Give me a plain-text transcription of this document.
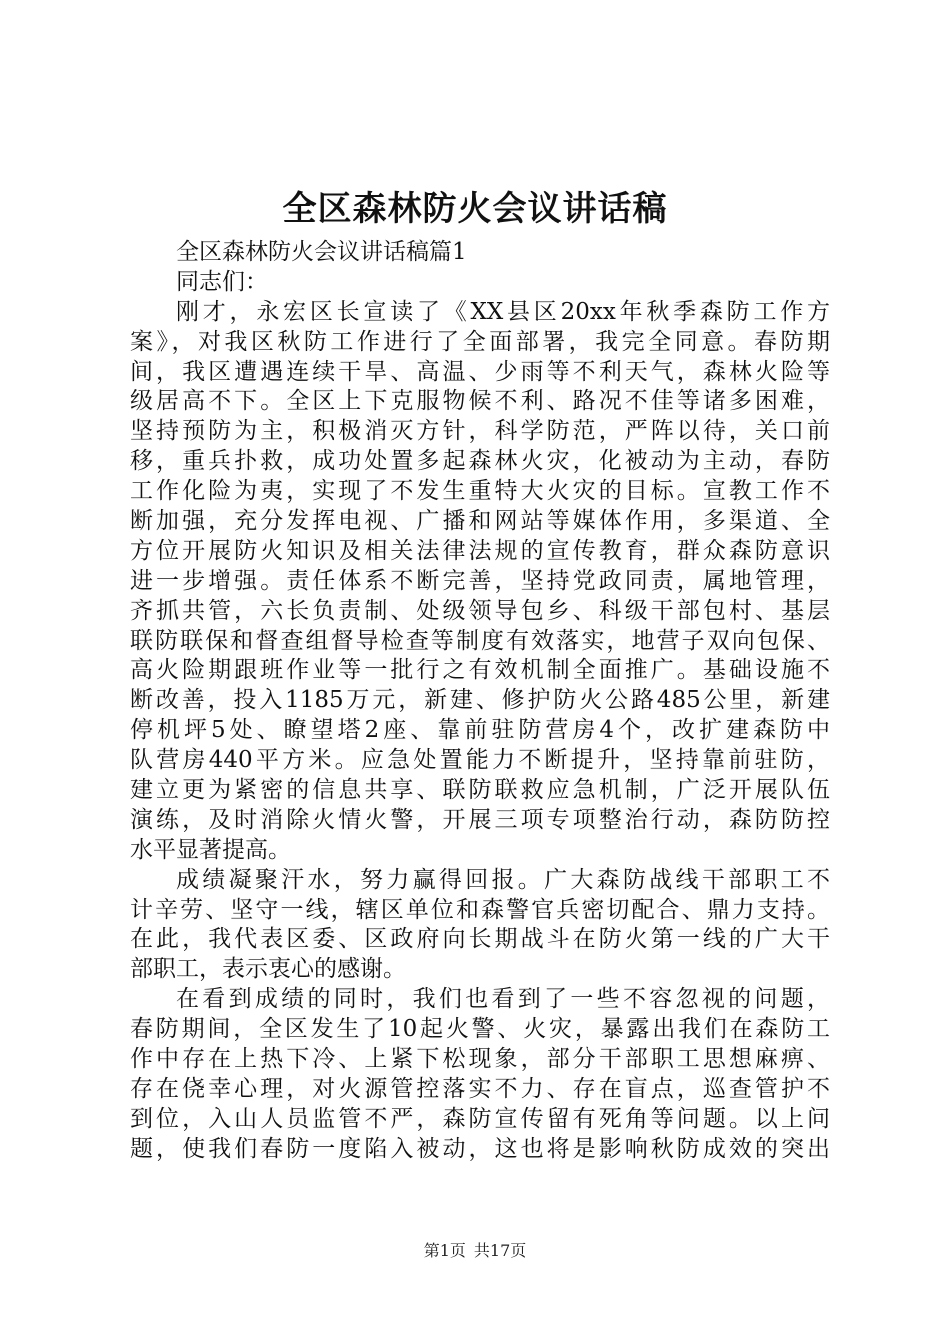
全区森林防火会议讲话稿
全区森林防火会议讲话稿篇1
同志们：
刚才，永宏区长宣读了《XX县区20xx年秋季森防工作方
案》，对我区秋防工作进行了全面部署，我完全同意。春防期
间，我区遭遇连续干旱、高温、少雨等不利天气，森林火险等
级居高不下。全区上下克服物候不利、路况不佳等诸多困难，
坚持预防为主，积极消灭方针，科学防范，严阵以待，关口前
移，重兵扑救，成功处置多起森林火灾，化被动为主动，春防
工作化险为夷，实现了不发生重特大火灾的目标。宣教工作不
断加强，充分发挥电视、广播和网站等媒体作用，多渠道、全
方位开展防火知识及相关法律法规的宣传教育，群众森防意识
进一步增强。责任体系不断完善，坚持党政同责，属地管理，
齐抓共管，六长负责制、处级领导包乡、科级干部包村、基层
联防联保和督查组督导检查等制度有效落实，地营子双向包保、
高火险期跟班作业等一批行之有效机制全面推广。基础设施不
断改善，投入1185万元，新建、修护防火公路485公里，新建
停机坪5处、瞭望塔2座、靠前驻防营房4个，改扩建森防中
队营房440平方米。应急处置能力不断提升，坚持靠前驻防，
建立更为紧密的信息共享、联防联救应急机制，广泛开展队伍
演练，及时消除火情火警，开展三项专项整治行动，森防防控
水平显著提高。
成绩凝聚汗水，努力赢得回报。广大森防战线干部职工不
计辛劳、坚守一线，辖区单位和森警官兵密切配合、鼎力支持。
在此，我代表区委、区政府向长期战斗在防火第一线的广大干
部职工，表示衷心的感谢。
在看到成绩的同时，我们也看到了一些不容忽视的问题，
春防期间，全区发生了10起火警、火灾，暴露出我们在森防工
作中存在上热下冷、上紧下松现象，部分干部职工思想麻痹、
存在侥幸心理，对火源管控落实不力、存在盲点，巡查管护不
到位，入山人员监管不严，森防宣传留有死角等问题。以上问
题，使我们春防一度陷入被动，这也将是影响秋防成效的突出
第1页 共17页
